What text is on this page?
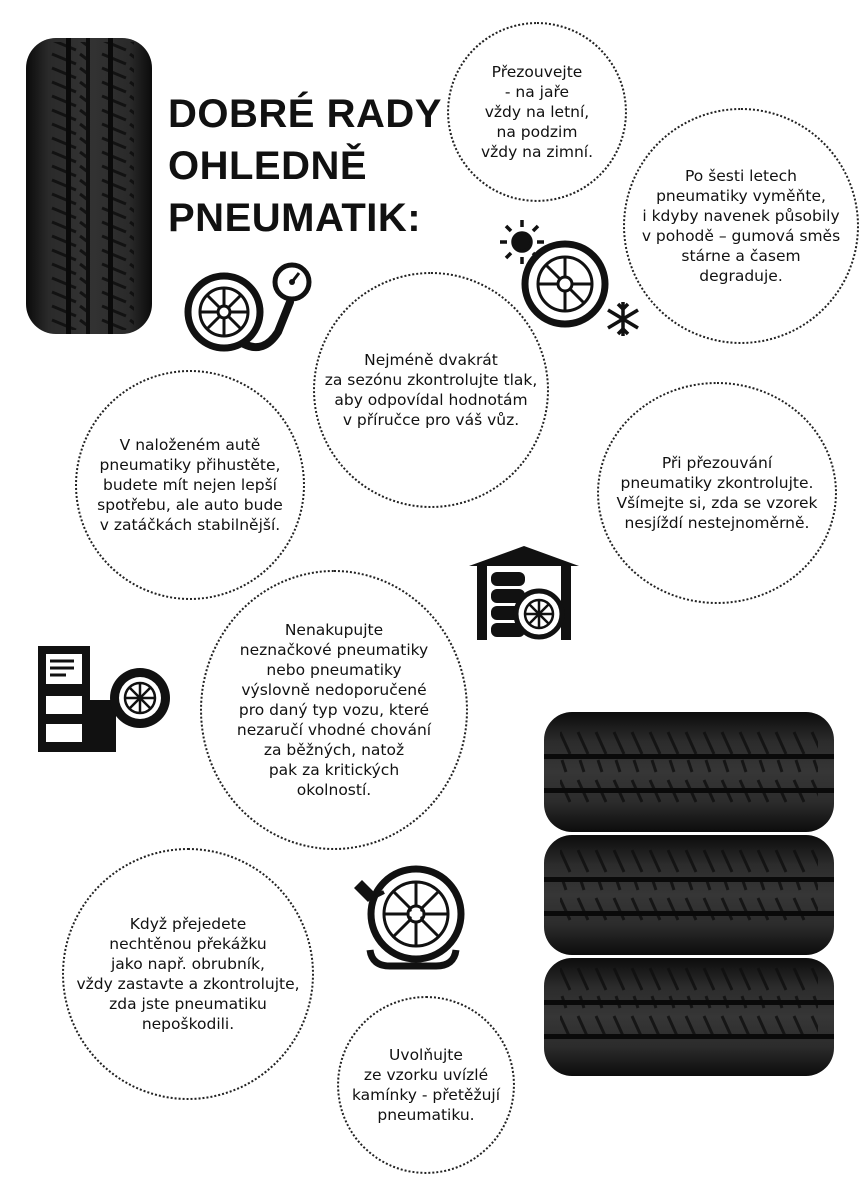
DOBRÉ RADY
OHLEDNĚ
PNEUMATIK:

Přezouvejte
- na jaře
vždy na letní,
na podzim
vždy na zimní.

Po šesti letech
pneumatiky vyměňte,
i kdyby navenek působily
v pohodě – gumová směs
stárne a časem
degraduje.

Nejméně dvakrát
za sezónu zkontrolujte tlak,
aby odpovídal hodnotám
v příručce pro váš vůz.

V naloženém autě
pneumatiky přihustěte,
budete mít nejen lepší
spotřebu, ale auto bude
v zatáčkách stabilnější.

Při přezouvání
pneumatiky zkontrolujte.
Všímejte si, zda se vzorek
nesjíždí nestejnoměrně.

Nenakupujte
neznačkové pneumatiky
nebo pneumatiky
výslovně nedoporučené
pro daný typ vozu, které
nezaručí vhodné chování
za běžných, natož
pak za kritických
okolností.

Když přejedete
nechtěnou překážku
jako např. obrubník,
vždy zastavte a zkontrolujte,
zda jste pneumatiku
nepoškodili.

Uvolňujte
ze vzorku uvízlé
kamínky - přetěžují
pneumatiku.
